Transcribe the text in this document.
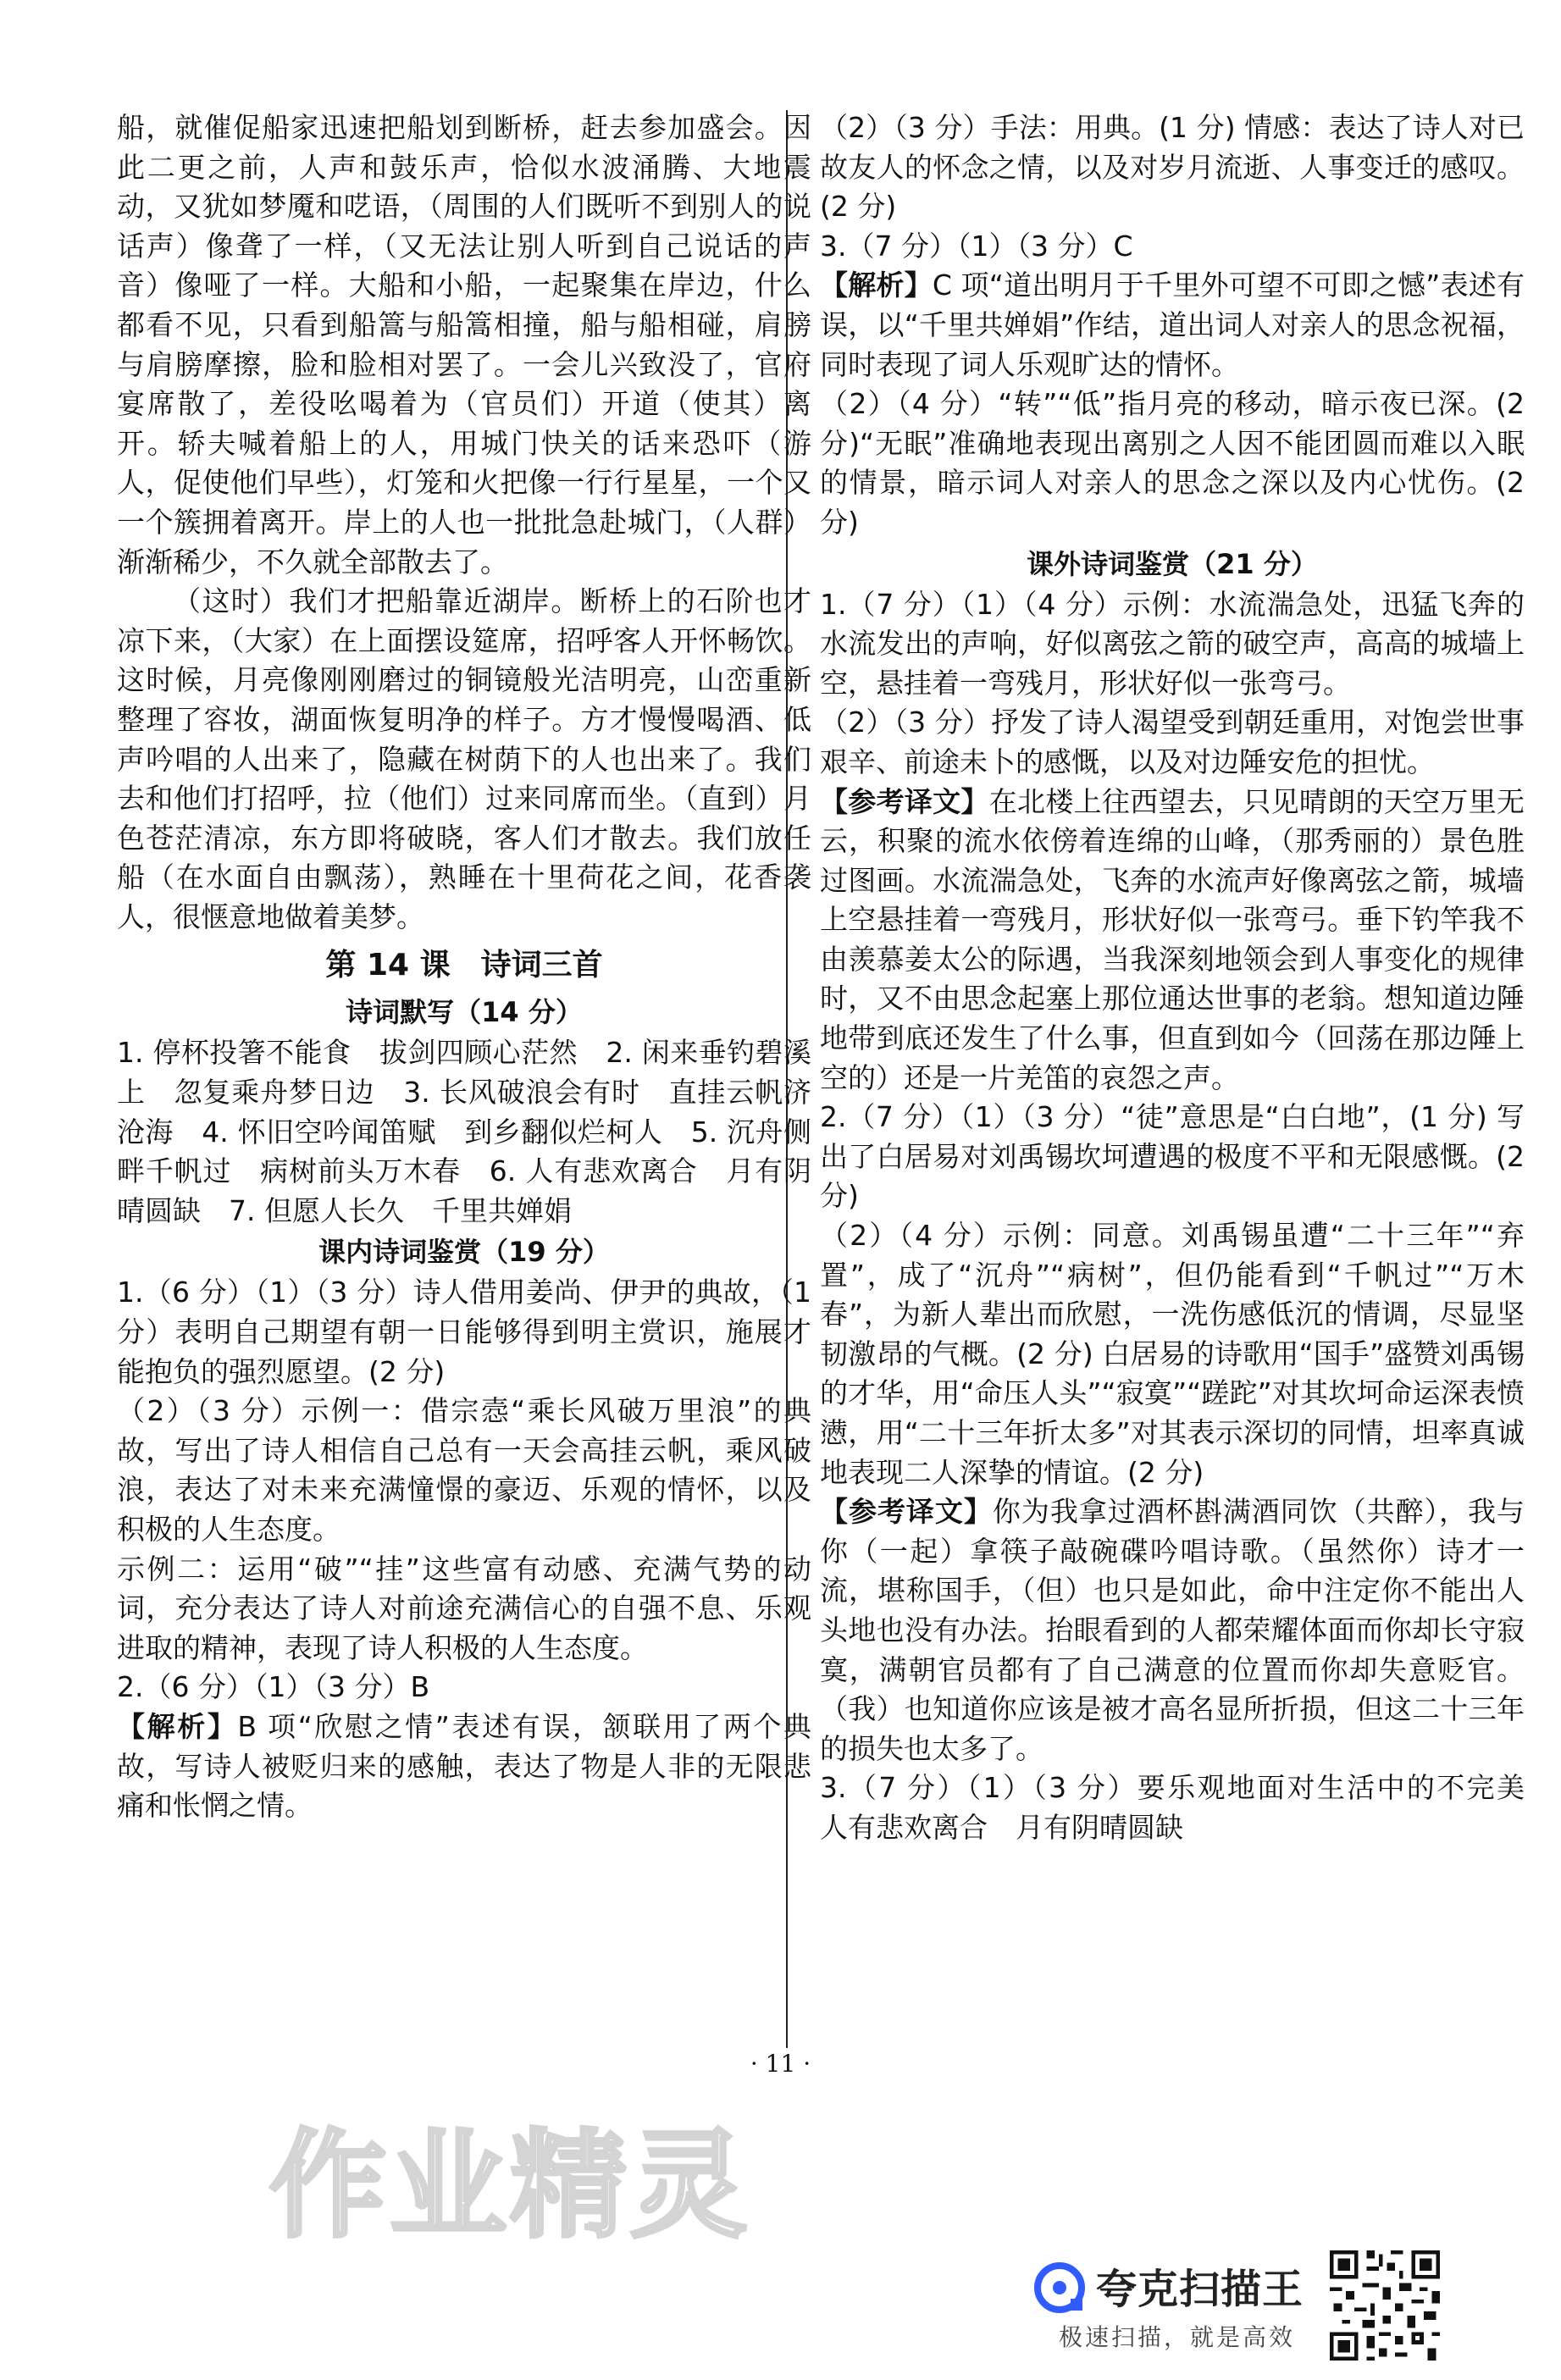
船，就催促船家迅速把船划到断桥，赶去参加盛会。因此二更之前，人声和鼓乐声，恰似水波涌腾、大地震动，又犹如梦魇和呓语，（周围的人们既听不到别人的说话声）像聋了一样，（又无法让别人听到自己说话的声音）像哑了一样。大船和小船，一起聚集在岸边，什么都看不见，只看到船篙与船篙相撞，船与船相碰，肩膀与肩膀摩擦，脸和脸相对罢了。一会儿兴致没了，官府宴席散了，差役吆喝着为（官员们）开道（使其）离开。轿夫喊着船上的人，用城门快关的话来恐吓（游人，促使他们早些），灯笼和火把像一行行星星，一个又一个簇拥着离开。岸上的人也一批批急赴城门，（人群）渐渐稀少，不久就全部散去了。

（这时）我们才把船靠近湖岸。断桥上的石阶也才凉下来，（大家）在上面摆设筵席，招呼客人开怀畅饮。这时候，月亮像刚刚磨过的铜镜般光洁明亮，山峦重新整理了容妆，湖面恢复明净的样子。方才慢慢喝酒、低声吟唱的人出来了，隐藏在树荫下的人也出来了。我们去和他们打招呼，拉（他们）过来同席而坐。（直到）月色苍茫清凉，东方即将破晓，客人们才散去。我们放任船（在水面自由飘荡），熟睡在十里荷花之间，花香袭人，很惬意地做着美梦。

第 14 课　诗词三首
诗词默写（14 分）

1. 停杯投箸不能食　拔剑四顾心茫然　2. 闲来垂钓碧溪上　忽复乘舟梦日边　3. 长风破浪会有时　直挂云帆济沧海　4. 怀旧空吟闻笛赋　到乡翻似烂柯人　5. 沉舟侧畔千帆过　病树前头万木春　6. 人有悲欢离合　月有阴晴圆缺　7. 但愿人长久　千里共婵娟

课内诗词鉴赏（19 分）

1.（6 分）（1）（3 分）诗人借用姜尚、伊尹的典故，（1 分）表明自己期望有朝一日能够得到明主赏识，施展才能抱负的强烈愿望。(2 分)

（2）（3 分）示例一：借宗悫“乘长风破万里浪”的典故，写出了诗人相信自己总有一天会高挂云帆，乘风破浪，表达了对未来充满憧憬的豪迈、乐观的情怀，以及积极的人生态度。

示例二：运用“破”“挂”这些富有动感、充满气势的动词，充分表达了诗人对前途充满信心的自强不息、乐观进取的精神，表现了诗人积极的人生态度。

2.（6 分）（1）（3 分）B

【解析】B 项“欣慰之情”表述有误，颔联用了两个典故，写诗人被贬归来的感触，表达了物是人非的无限悲痛和怅惘之情。

（2）（3 分）手法：用典。(1 分) 情感：表达了诗人对已故友人的怀念之情，以及对岁月流逝、人事变迁的感叹。(2 分)

3.（7 分）（1）（3 分）C

【解析】C 项“道出明月于千里外可望不可即之憾”表述有误，以“千里共婵娟”作结，道出词人对亲人的思念祝福，同时表现了词人乐观旷达的情怀。

（2）（4 分）“转”“低”指月亮的移动，暗示夜已深。(2 分)“无眠”准确地表现出离别之人因不能团圆而难以入眠的情景，暗示词人对亲人的思念之深以及内心忧伤。(2 分)

课外诗词鉴赏（21 分）

1.（7 分）（1）（4 分）示例：水流湍急处，迅猛飞奔的水流发出的声响，好似离弦之箭的破空声，高高的城墙上空，悬挂着一弯残月，形状好似一张弯弓。

（2）（3 分）抒发了诗人渴望受到朝廷重用，对饱尝世事艰辛、前途未卜的感慨，以及对边陲安危的担忧。

【参考译文】在北楼上往西望去，只见晴朗的天空万里无云，积聚的流水依傍着连绵的山峰，（那秀丽的）景色胜过图画。水流湍急处，飞奔的水流声好像离弦之箭，城墙上空悬挂着一弯残月，形状好似一张弯弓。垂下钓竿我不由羡慕姜太公的际遇，当我深刻地领会到人事变化的规律时，又不由思念起塞上那位通达世事的老翁。想知道边陲地带到底还发生了什么事，但直到如今（回荡在那边陲上空的）还是一片羌笛的哀怨之声。

2.（7 分）（1）（3 分）“徒”意思是“白白地”，(1 分) 写出了白居易对刘禹锡坎坷遭遇的极度不平和无限感慨。(2 分)

（2）（4 分）示例：同意。刘禹锡虽遭“二十三年”“弃置”，成了“沉舟”“病树”，但仍能看到“千帆过”“万木春”，为新人辈出而欣慰，一洗伤感低沉的情调，尽显坚韧激昂的气概。(2 分) 白居易的诗歌用“国手”盛赞刘禹锡的才华，用“命压人头”“寂寞”“蹉跎”对其坎坷命运深表愤懑，用“二十三年折太多”对其表示深切的同情，坦率真诚地表现二人深挚的情谊。(2 分)

【参考译文】你为我拿过酒杯斟满酒同饮（共醉），我与你（一起）拿筷子敲碗碟吟唱诗歌。（虽然你）诗才一流，堪称国手，（但）也只是如此，命中注定你不能出人头地也没有办法。抬眼看到的人都荣耀体面而你却长守寂寞，满朝官员都有了自己满意的位置而你却失意贬官。（我）也知道你应该是被才高名显所折损，但这二十三年的损失也太多了。

3.（7 分）（1）（3 分）要乐观地面对生活中的不完美　人有悲欢离合　月有阴晴圆缺

· 11 ·
作业精灵
夸克扫描王
极速扫描，就是高效
